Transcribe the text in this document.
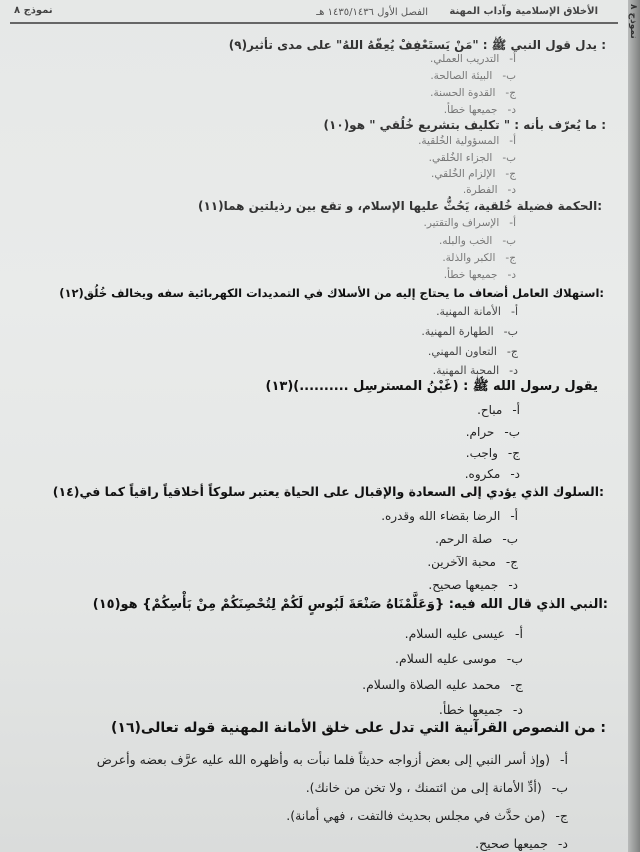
الأخلاق الإسلامية وآداب المهنة
الفصل الأول ١٤٣٥/١٤٣٦ هـ
نموذج ٨
(٩)يدل قول النبي ﷺ : "مَنْ يَستَعْفِفْ يُعِفّهُ اللهُ" على مدى تأثير :
أ-التدريب العملي.
ب-البيئة الصالحة.
ج-القدوة الحسنة.
د-جميعها خطأ.
(١٠)ما يُعرّف بأنه : " تكليف بتشريع خُلُقي " هو :
أ-المسؤولية الخُلقية.
ب-الجزاء الخُلقي.
ج-الإلزام الخُلقي.
د-الفطرة.
(١١)الحكمة فضيلة خُلقية، يَحُثُّ عليها الإسلام، و تقع بين رذيلتين هما:
أ-الإسراف والتقتير.
ب-الخب والبله.
ج-الكبر والذلة.
د-جميعها خطأ.
(١٢)استهلاك العامل أضعاف ما يحتاج إليه من الأسلاك في التمديدات الكهربائية سفه ويخالف خُلُق:
أ-الأمانة المهنية.
ب-الطهارة المهنية.
ج-التعاون المهني.
د-المحبة المهنية.
(١٣)يقول رسول الله ﷺ : (غَبْنُ المسترسِل ..........)
أ-مباح.
ب-حرام.
ج-واجب.
د-مكروه.
(١٤)السلوك الذي يؤدي إلى السعادة والإقبال على الحياة يعتبر سلوكاً أخلاقياً راقياً كما في:
أ-الرضا بقضاء الله وقدره.
ب-صلة الرحم.
ج-محبة الآخرين.
د-جميعها صحيح.
(١٥)النبي الذي قال الله فيه: {وَعَلَّمْنَاهُ صَنْعَةَ لَبُوسٍ لَكُمْ لِتُحْصِنَكُمْ مِنْ بَأْسِكُمْ} هو:
أ-عيسى عليه السلام.
ب-موسى عليه السلام.
ج-محمد عليه الصلاة والسلام.
د-جميعها خطأ.
(١٦)من النصوص القرآنية التي تدل على خلق الأمانة المهنية قوله تعالى :
أ-(وإذ أسر النبي إلى بعض أزواجه حديثاً فلما نبأت به وأظهره الله عليه عرَّف بعضه وأعرض
ب-(أدِّ الأمانة إلى من ائتمنك ، ولا تخن من خانك).
ج-(من حدَّث في مجلس بحديث فالتفت ، فهي أمانة).
د-جميعها صحيح.
نموذج ٨
